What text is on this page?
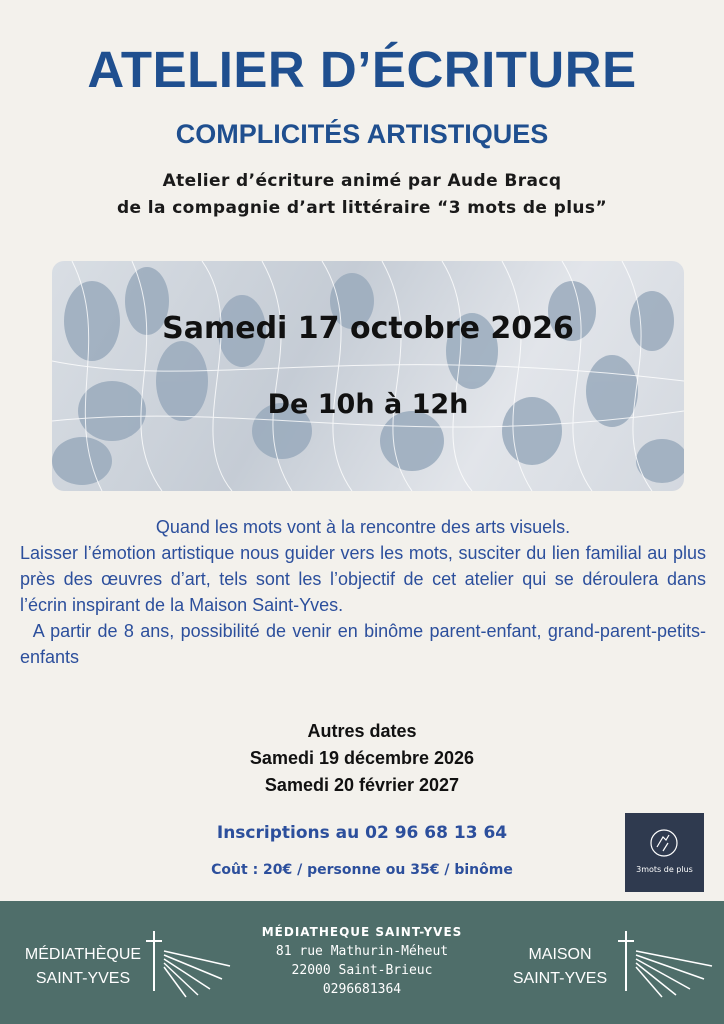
ATELIER D’ÉCRITURE
COMPLICITÉS ARTISTIQUES
Atelier d’écriture animé par Aude Bracq
de la compagnie d’art littéraire “3 mots de plus”
Samedi 17 octobre 2026
De 10h à 12h
Quand les mots vont à la rencontre des arts visuels.
Laisser l’émotion artistique nous guider vers les mots, susciter du lien familial au plus près des œuvres d’art, tels sont les l’objectif de cet atelier qui se déroulera dans l’écrin inspirant de la Maison Saint-Yves.
A partir de 8 ans, possibilité de venir en binôme parent-enfant, grand-parent-petits-enfants
Autres dates
Samedi 19 décembre 2026
Samedi 20 février 2027
Inscriptions au 02 96 68 13 64
Coût : 20€ / personne ou 35€ / binôme	3mots de plus
MÉDIATHÈQUE
SAINT-YVES
MÉDIATHEQUE SAINT-YVES
81 rue Mathurin-Méheut
22000 Saint-Brieuc
0296681364
MAISON
SAINT-YVES
